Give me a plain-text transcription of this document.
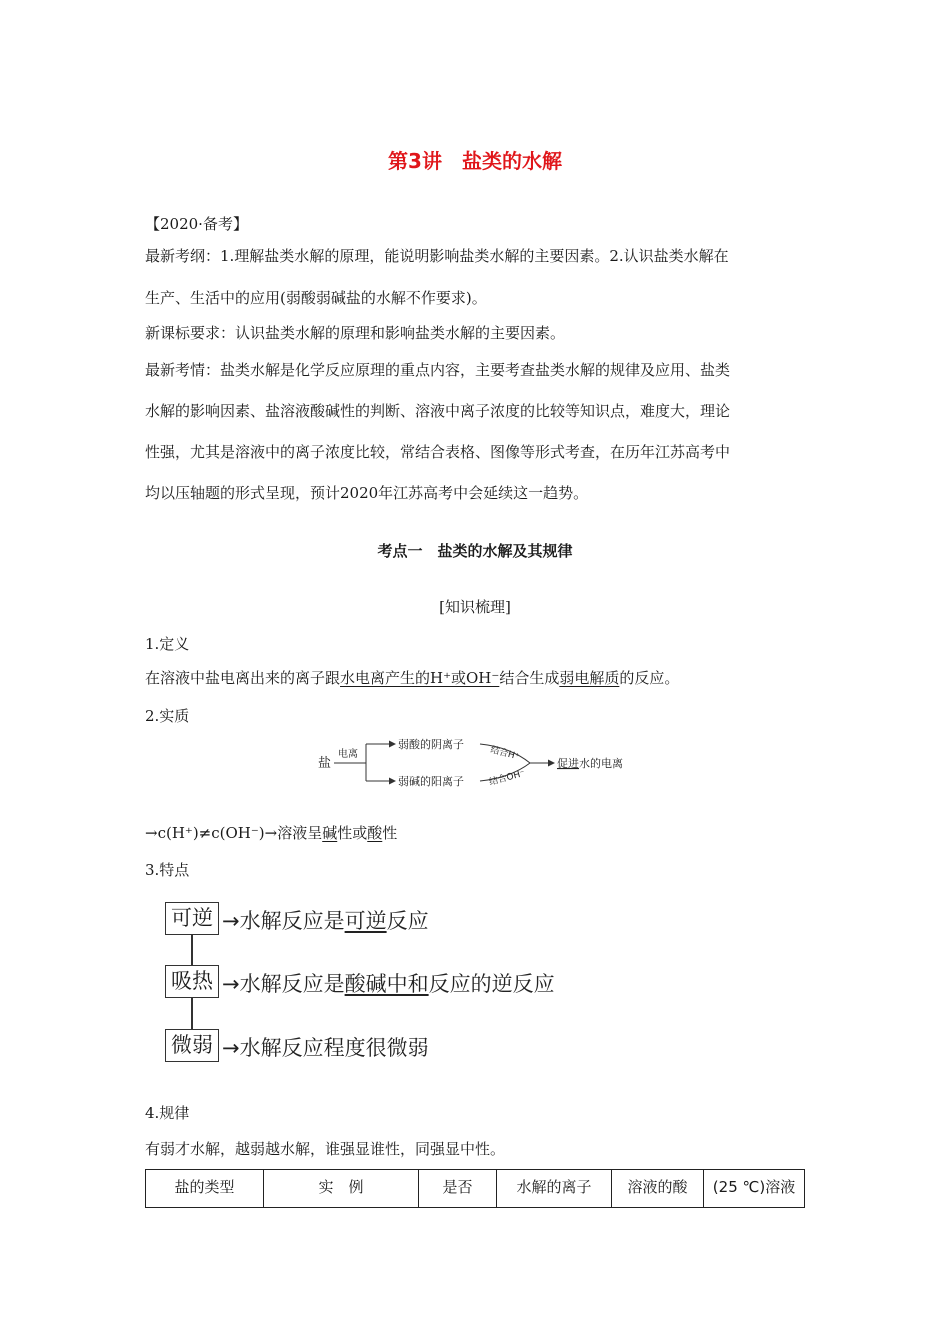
第3讲　盐类的水解
【2020·备考】
最新考纲：1.理解盐类水解的原理，能说明影响盐类水解的主要因素。2.认识盐类水解在
生产、生活中的应用(弱酸弱碱盐的水解不作要求)。
新课标要求：认识盐类水解的原理和影响盐类水解的主要因素。
最新考情：盐类水解是化学反应原理的重点内容，主要考查盐类水解的规律及应用、盐类
水解的影响因素、盐溶液酸碱性的判断、溶液中离子浓度的比较等知识点，难度大，理论
性强，尤其是溶液中的离子浓度比较，常结合表格、图像等形式考查，在历年江苏高考中
均以压轴题的形式呈现，预计2020年江苏高考中会延续这一趋势。
考点一　盐类的水解及其规律
[知识梳理]
1.定义
在溶液中盐电离出来的离子跟水电离产生的H⁺或OH⁻结合生成弱电解质的反应。
2.实质
盐
电离
弱酸的阴离子
弱碱的阳离子
结合H⁺
结合OH⁻
促进水的电离
→c(H⁺)≠c(OH⁻)→溶液呈碱性或酸性
3.特点
可逆 →水解反应是可逆反应
吸热 →水解反应是酸碱中和反应的逆反应
微弱 →水解反应程度很微弱
4.规律
有弱才水解，越弱越水解，谁强显谁性，同强显中性。
盐的类型	实　例	是否	水解的离子	溶液的酸	(25 ℃)溶液
